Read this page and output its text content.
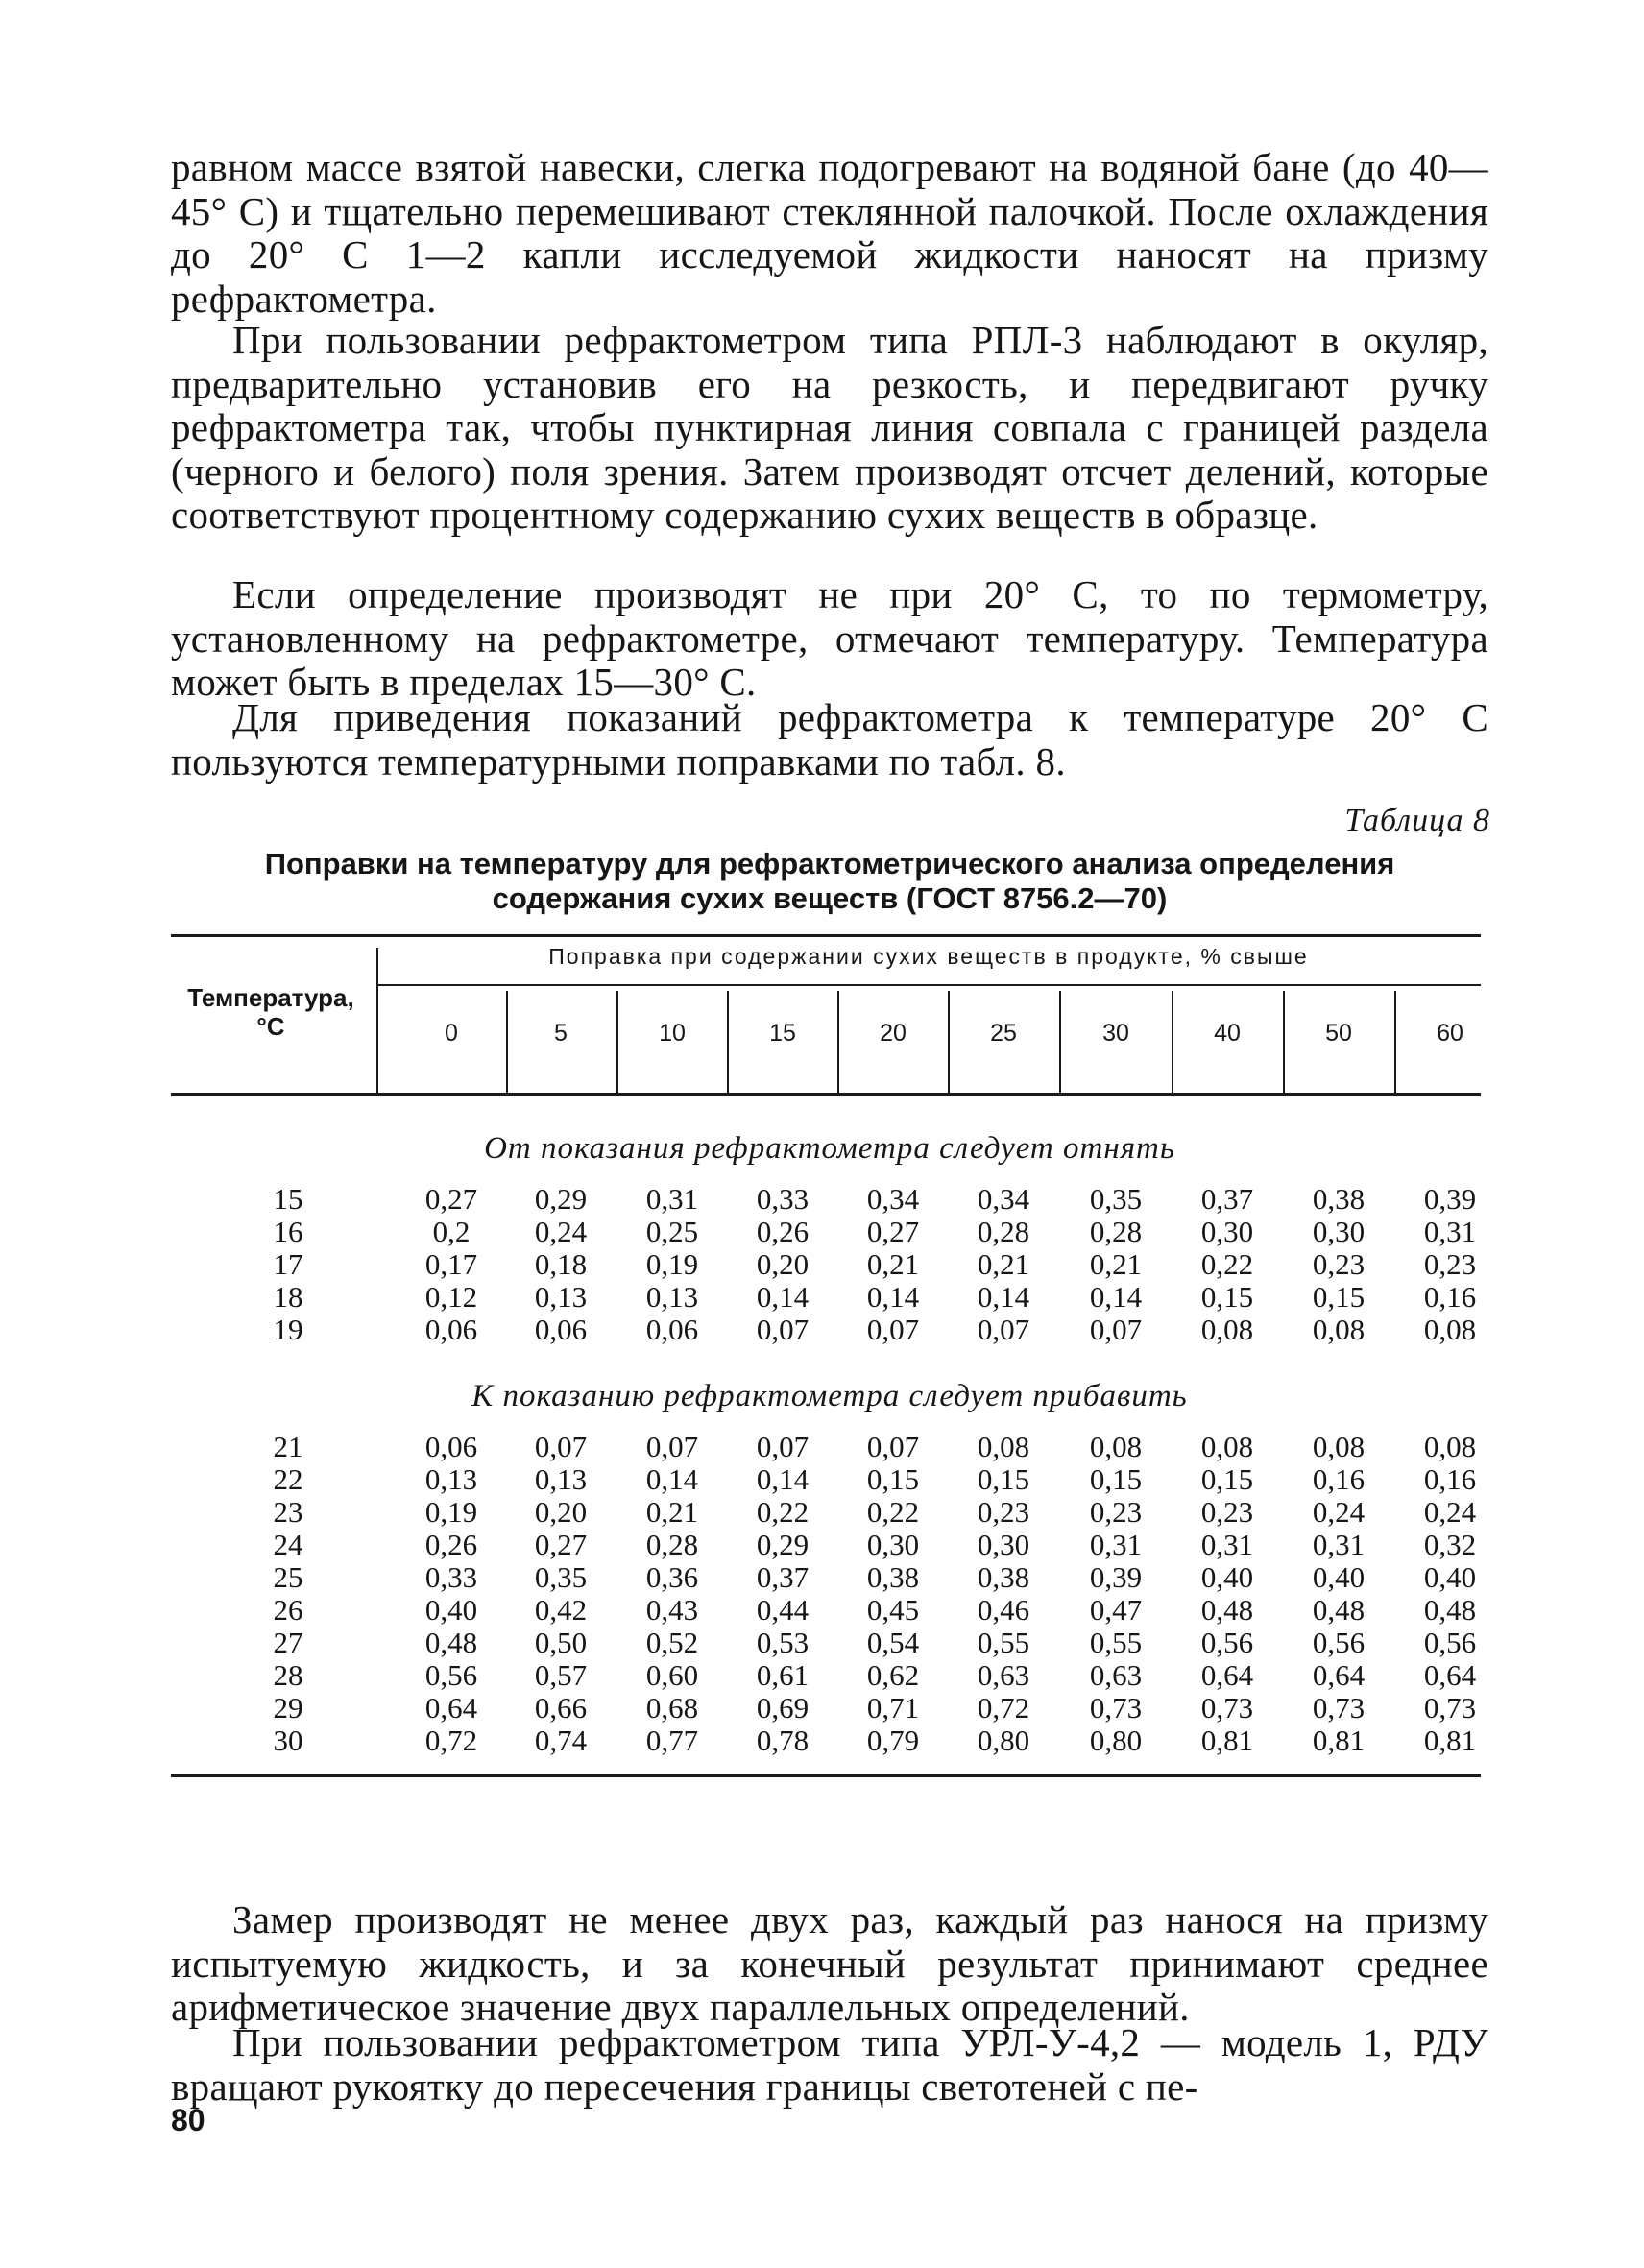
равном массе взятой навески, слегка подогревают на водяной бане (до 40—45° С) и тщательно перемешивают стеклянной палочкой. После охлаждения до 20° С 1—2 капли исследуемой жидкости наносят на призму рефрактометра.

При пользовании рефрактометром типа РПЛ-3 наблюдают в окуляр, предварительно установив его на резкость, и передвигают ручку рефрактометра так, чтобы пунктирная линия совпала с границей раздела (черного и белого) поля зрения. Затем производят отсчет делений, которые соответствуют процентному содержанию сухих веществ в образце.

Если определение производят не при 20° С, то по термометру, установленному на рефрактометре, отмечают температуру. Температура может быть в пределах 15—30° С.

Для приведения показаний рефрактометра к температуре 20° С пользуются температурными поправками по табл. 8.

Таблица 8
Поправки на температуру для рефрактометрического анализа определения
содержания сухих веществ (ГОСТ 8756.2—70)
Температура,
°С
Поправка при содержании сухих веществ в продукте, % свыше
0	5	10	15	20	25	30	40	50	60
От показания рефрактометра следует отнять
15	0,27	0,29	0,31	0,33	0,34	0,34	0,35	0,37	0,38	0,39
16	0,2	0,24	0,25	0,26	0,27	0,28	0,28	0,30	0,30	0,31
17	0,17	0,18	0,19	0,20	0,21	0,21	0,21	0,22	0,23	0,23
18	0,12	0,13	0,13	0,14	0,14	0,14	0,14	0,15	0,15	0,16
19	0,06	0,06	0,06	0,07	0,07	0,07	0,07	0,08	0,08	0,08
К показанию рефрактометра следует прибавить
21	0,06	0,07	0,07	0,07	0,07	0,08	0,08	0,08	0,08	0,08
22	0,13	0,13	0,14	0,14	0,15	0,15	0,15	0,15	0,16	0,16
23	0,19	0,20	0,21	0,22	0,22	0,23	0,23	0,23	0,24	0,24
24	0,26	0,27	0,28	0,29	0,30	0,30	0,31	0,31	0,31	0,32
25	0,33	0,35	0,36	0,37	0,38	0,38	0,39	0,40	0,40	0,40
26	0,40	0,42	0,43	0,44	0,45	0,46	0,47	0,48	0,48	0,48
27	0,48	0,50	0,52	0,53	0,54	0,55	0,55	0,56	0,56	0,56
28	0,56	0,57	0,60	0,61	0,62	0,63	0,63	0,64	0,64	0,64
29	0,64	0,66	0,68	0,69	0,71	0,72	0,73	0,73	0,73	0,73
30	0,72	0,74	0,77	0,78	0,79	0,80	0,80	0,81	0,81	0,81

Замер производят не менее двух раз, каждый раз нанося на призму испытуемую жидкость, и за конечный результат принимают среднее арифметическое значение двух параллельных определений.

При пользовании рефрактометром типа УРЛ-У-4,2 — модель 1, РДУ вращают рукоятку до пересечения границы светотеней с пе-

80
